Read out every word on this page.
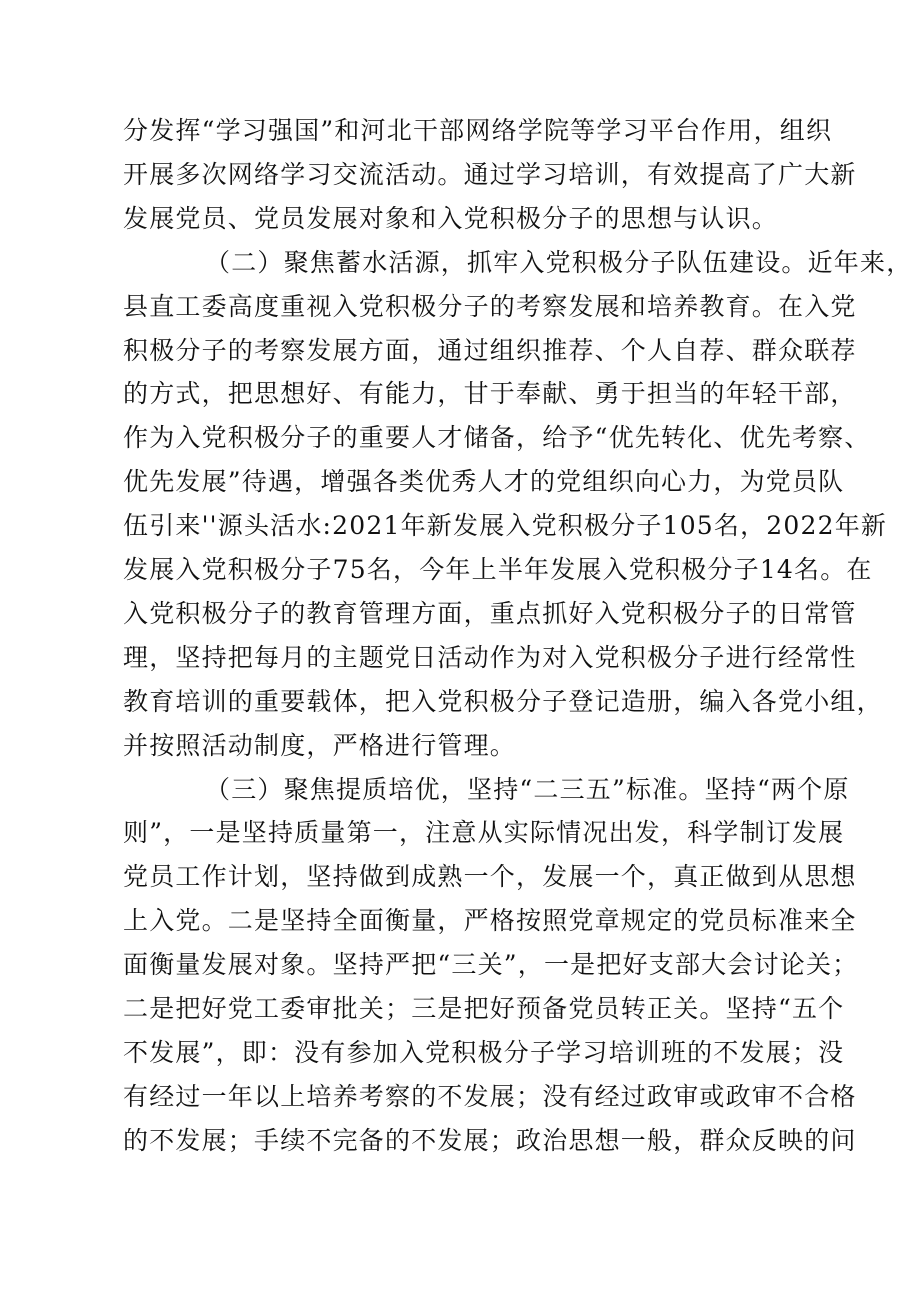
分发挥“学习强国”和河北干部网络学院等学习平台作用，组织
开展多次网络学习交流活动。通过学习培训，有效提高了广大新
发展党员、党员发展对象和入党积极分子的思想与认识。
（二）聚焦蓄水活源，抓牢入党积极分子队伍建设。近年来，
县直工委高度重视入党积极分子的考察发展和培养教育。在入党
积极分子的考察发展方面，通过组织推荐、个人自荐、群众联荐
的方式，把思想好、有能力，甘于奉献、勇于担当的年轻干部，
作为入党积极分子的重要人才储备，给予“优先转化、优先考察、
优先发展”待遇，增强各类优秀人才的党组织向心力，为党员队
伍引来''源头活水:2021年新发展入党积极分子105名，2022年新
发展入党积极分子75名，今年上半年发展入党积极分子14名。在
入党积极分子的教育管理方面，重点抓好入党积极分子的日常管
理，坚持把每月的主题党日活动作为对入党积极分子进行经常性
教育培训的重要载体，把入党积极分子登记造册，编入各党小组，
并按照活动制度，严格进行管理。
（三）聚焦提质培优，坚持“二三五”标准。坚持“两个原
则”，一是坚持质量第一，注意从实际情况出发，科学制订发展
党员工作计划，坚持做到成熟一个，发展一个，真正做到从思想
上入党。二是坚持全面衡量，严格按照党章规定的党员标准来全
面衡量发展对象。坚持严把“三关”，一是把好支部大会讨论关；
二是把好党工委审批关；三是把好预备党员转正关。坚持“五个
不发展”，即：没有参加入党积极分子学习培训班的不发展；没
有经过一年以上培养考察的不发展；没有经过政审或政审不合格
的不发展；手续不完备的不发展；政治思想一般，群众反映的问
